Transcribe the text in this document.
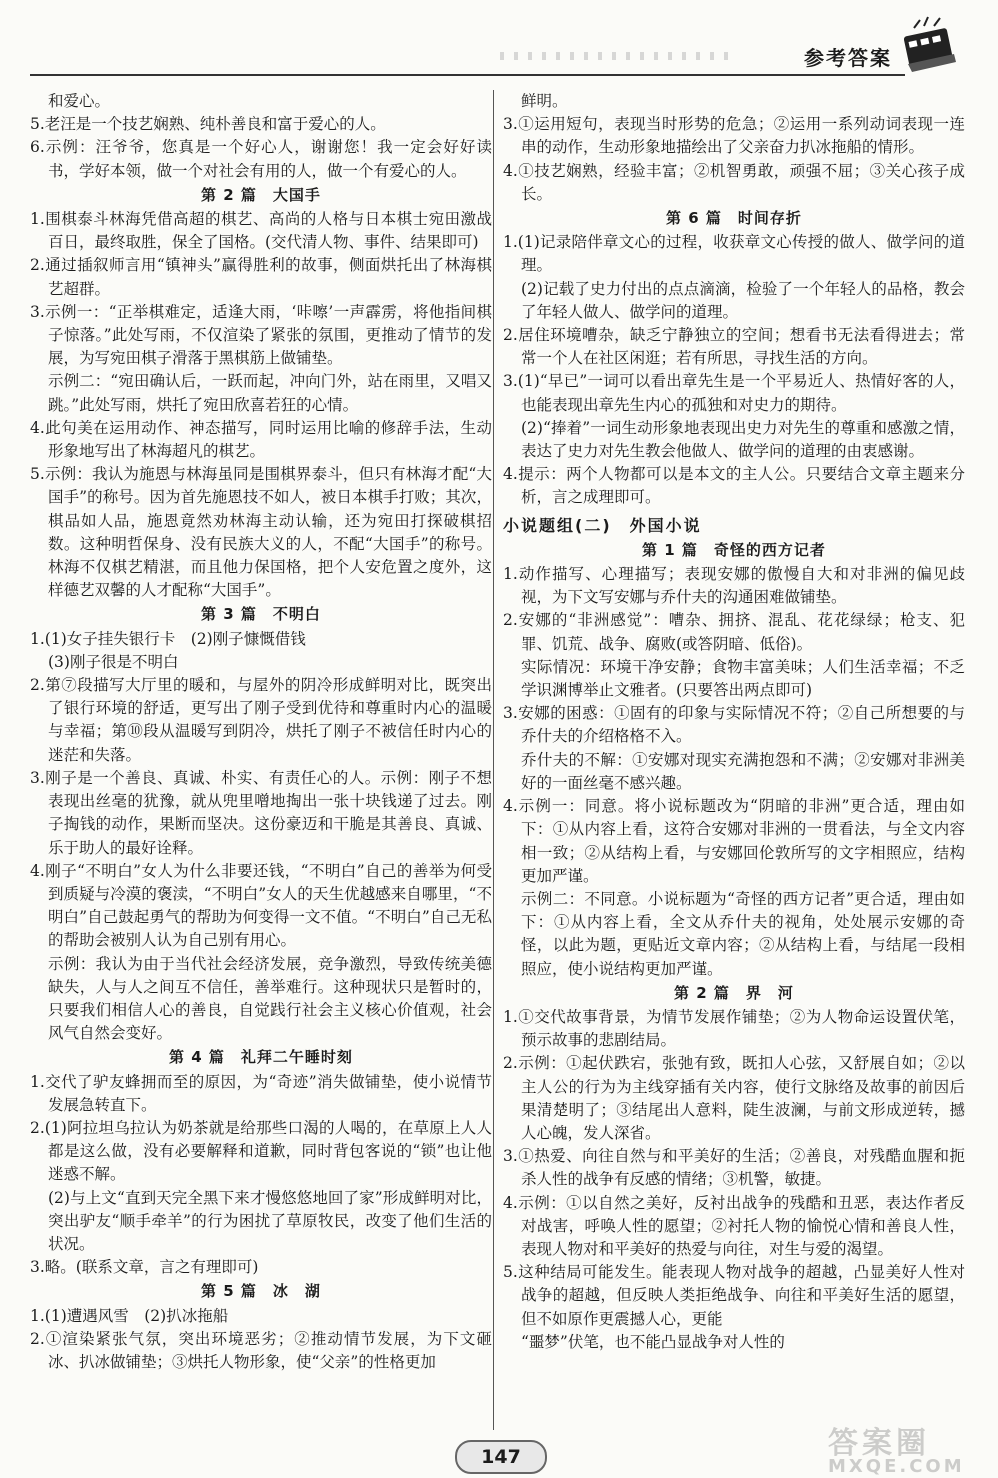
参考答案

和爱心。

5.老汪是一个技艺娴熟、纯朴善良和富于爱心的人。

6.示例：汪爷爷，您真是一个好心人，谢谢您！我一定会好好读书，学好本领，做一个对社会有用的人，做一个有爱心的人。

第 2 篇　大国手

1.围棋泰斗林海凭借高超的棋艺、高尚的人格与日本棋士宛田激战百日，最终取胜，保全了国格。(交代清人物、事件、结果即可)

2.通过插叙师言用“镇神头”赢得胜利的故事，侧面烘托出了林海棋艺超群。

3.示例一：“正举棋难定，适逢大雨，‘咔嚓’一声霹雳，将他指间棋子惊落。”此处写雨，不仅渲染了紧张的氛围，更推动了情节的发展，为写宛田棋子滑落于黑棋筋上做铺垫。

示例二：“宛田确认后，一跃而起，冲向门外，站在雨里，又唱又跳。”此处写雨，烘托了宛田欣喜若狂的心情。

4.此句美在运用动作、神态描写，同时运用比喻的修辞手法，生动形象地写出了林海超凡的棋艺。

5.示例：我认为施恩与林海虽同是围棋界泰斗，但只有林海才配“大国手”的称号。因为首先施恩技不如人，被日本棋手打败；其次，棋品如人品，施恩竟然劝林海主动认输，还为宛田打探破棋招数。这种明哲保身、没有民族大义的人，不配“大国手”的称号。林海不仅棋艺精湛，而且他力保国格，把个人安危置之度外，这样德艺双馨的人才配称“大国手”。

第 3 篇　不明白

1.(1)女子挂失银行卡　(2)刚子慷慨借钱

(3)刚子很是不明白

2.第⑦段描写大厅里的暖和，与屋外的阴冷形成鲜明对比，既突出了银行环境的舒适，更写出了刚子受到优待和尊重时内心的温暖与幸福；第⑩段从温暖写到阴冷，烘托了刚子不被信任时内心的迷茫和失落。

3.刚子是一个善良、真诚、朴实、有责任心的人。示例：刚子不想表现出丝毫的犹豫，就从兜里噌地掏出一张十块钱递了过去。刚子掏钱的动作，果断而坚决。这份豪迈和干脆是其善良、真诚、乐于助人的最好诠释。

4.刚子“不明白”女人为什么非要还钱，“不明白”自己的善举为何受到质疑与冷漠的褒渎，“不明白”女人的天生优越感来自哪里，“不明白”自己鼓起勇气的帮助为何变得一文不值。“不明白”自己无私的帮助会被别人认为自己别有用心。

示例：我认为由于当代社会经济发展，竞争激烈，导致传统美德缺失，人与人之间互不信任，善举难行。这种现状只是暂时的，只要我们相信人心的善良，自觉践行社会主义核心价值观，社会风气自然会变好。

第 4 篇　礼拜二午睡时刻

1.交代了驴友蜂拥而至的原因，为“奇迹”消失做铺垫，使小说情节发展急转直下。

2.(1)阿拉坦乌拉认为奶茶就是给那些口渴的人喝的，在草原上人人都是这么做，没有必要解释和道歉，同时背包客说的“锁”也让他迷惑不解。

(2)与上文“直到天完全黑下来才慢悠悠地回了家”形成鲜明对比，突出驴友“顺手牵羊”的行为困扰了草原牧民，改变了他们生活的状况。

3.略。(联系文章，言之有理即可)

第 5 篇　冰　湖

1.(1)遭遇风雪　(2)扒冰拖船

2.①渲染紧张气氛，突出环境恶劣；②推动情节发展，为下文砸冰、扒冰做铺垫；③烘托人物形象，使“父亲”的性格更加

鲜明。

3.①运用短句，表现当时形势的危急；②运用一系列动词表现一连串的动作，生动形象地描绘出了父亲奋力扒冰拖船的情形。

4.①技艺娴熟，经验丰富；②机智勇敢，顽强不屈；③关心孩子成长。

第 6 篇　时间存折

1.(1)记录陪伴章文心的过程，收获章文心传授的做人、做学问的道理。

(2)记载了史力付出的点点滴滴，检验了一个年轻人的品格，教会了年轻人做人、做学问的道理。

2.居住环境嘈杂，缺乏宁静独立的空间；想看书无法看得进去；常常一个人在社区闲逛；若有所思，寻找生活的方向。

3.(1)“早已”一词可以看出章先生是一个平易近人、热情好客的人，也能表现出章先生内心的孤独和对史力的期待。

(2)“捧着”一词生动形象地表现出史力对先生的尊重和感激之情，表达了史力对先生教会他做人、做学问的道理的由衷感谢。

4.提示：两个人物都可以是本文的主人公。只要结合文章主题来分析，言之成理即可。

小说题组(二)　外国小说

第 1 篇　奇怪的西方记者

1.动作描写、心理描写；表现安娜的傲慢自大和对非洲的偏见歧视，为下文写安娜与乔什夫的沟通困难做铺垫。

2.安娜的“非洲感觉”：嘈杂、拥挤、混乱、花花绿绿；枪支、犯罪、饥荒、战争、腐败(或答阴暗、低俗)。

实际情况：环境干净安静；食物丰富美味；人们生活幸福；不乏学识渊博举止文雅者。(只要答出两点即可)

3.安娜的困惑：①固有的印象与实际情况不符；②自己所想要的与乔什夫的介绍格格不入。

乔什夫的不解：①安娜对现实充满抱怨和不满；②安娜对非洲美好的一面丝毫不感兴趣。

4.示例一：同意。将小说标题改为“阴暗的非洲”更合适，理由如下：①从内容上看，这符合安娜对非洲的一贯看法，与全文内容相一致；②从结构上看，与安娜回伦敦所写的文字相照应，结构更加严谨。

示例二：不同意。小说标题为“奇怪的西方记者”更合适，理由如下：①从内容上看，全文从乔什夫的视角，处处展示安娜的奇怪，以此为题，更贴近文章内容；②从结构上看，与结尾一段相照应，使小说结构更加严谨。

第 2 篇　界　河

1.①交代故事背景，为情节发展作铺垫；②为人物命运设置伏笔，预示故事的悲剧结局。

2.示例：①起伏跌宕，张弛有致，既扣人心弦，又舒展自如；②以主人公的行为为主线穿插有关内容，使行文脉络及故事的前因后果清楚明了；③结尾出人意料，陡生波澜，与前文形成逆转，撼人心魄，发人深省。

3.①热爱、向往自然与和平美好的生活；②善良，对残酷血腥和扼杀人性的战争有反感的情绪；③机警，敏捷。

4.示例：①以自然之美好，反衬出战争的残酷和丑恶，表达作者反对战害，呼唤人性的愿望；②衬托人物的愉悦心情和善良人性，表现人物对和平美好的热爱与向往，对生与爱的渴望。

5.这种结局可能发生。能表现人物对战争的超越，凸显美好人性对战争的超越，但反映人类拒绝战争、向往和平美好生活的愿望，但不如原作更震撼人心，更能

“噩梦”伏笔，也不能凸显战争对人性的

147	答案圈
MXQE.COM
